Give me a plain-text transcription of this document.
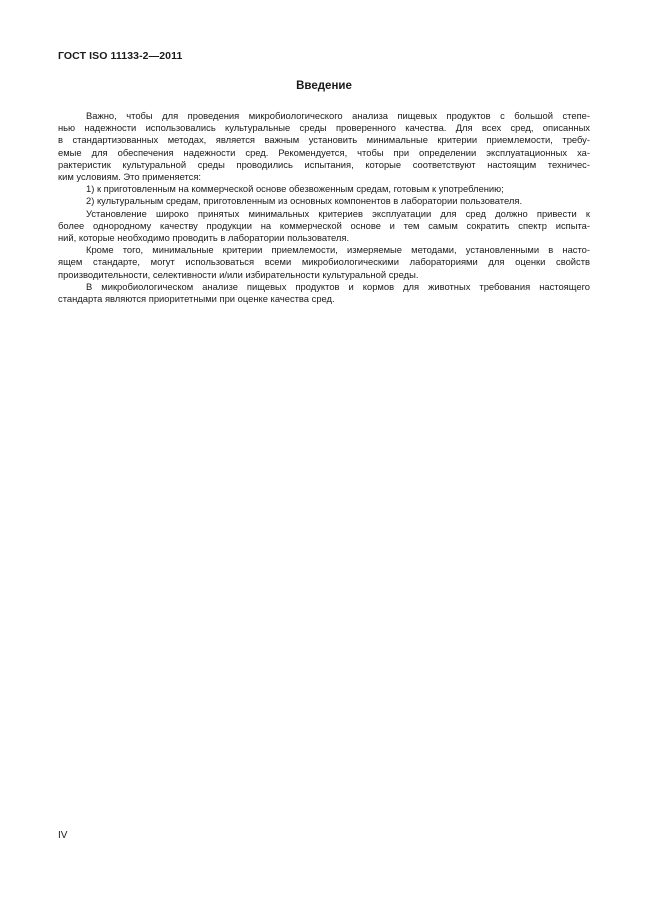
ГОСТ ISO 11133-2—2011
Введение
Важно, чтобы для проведения микробиологического анализа пищевых продуктов с большой степе-
нью надежности использовались культуральные среды проверенного качества. Для всех сред, описанных
в стандартизованных методах, является важным установить минимальные критерии приемлемости, требу-
емые для обеспечения надежности сред. Рекомендуется, чтобы при определении эксплуатационных ха-
рактеристик культуральной среды проводились испытания, которые соответствуют настоящим техничес-
ким условиям. Это применяется:
1) к приготовленным на коммерческой основе обезвоженным средам, готовым к употреблению;
2) культуральным средам, приготовленным из основных компонентов в лаборатории пользователя.
Установление широко принятых минимальных критериев эксплуатации для сред должно привести к
более однородному качеству продукции на коммерческой основе и тем самым сократить спектр испыта-
ний, которые необходимо проводить в лаборатории пользователя.
Кроме того, минимальные критерии приемлемости, измеряемые методами, установленными в насто-
ящем стандарте, могут использоваться всеми микробиологическими лабораториями для оценки свойств
производительности, селективности и/или избирательности культуральной среды.
В микробиологическом анализе пищевых продуктов и кормов для животных требования настоящего
стандарта являются приоритетными при оценке качества сред.
IV
